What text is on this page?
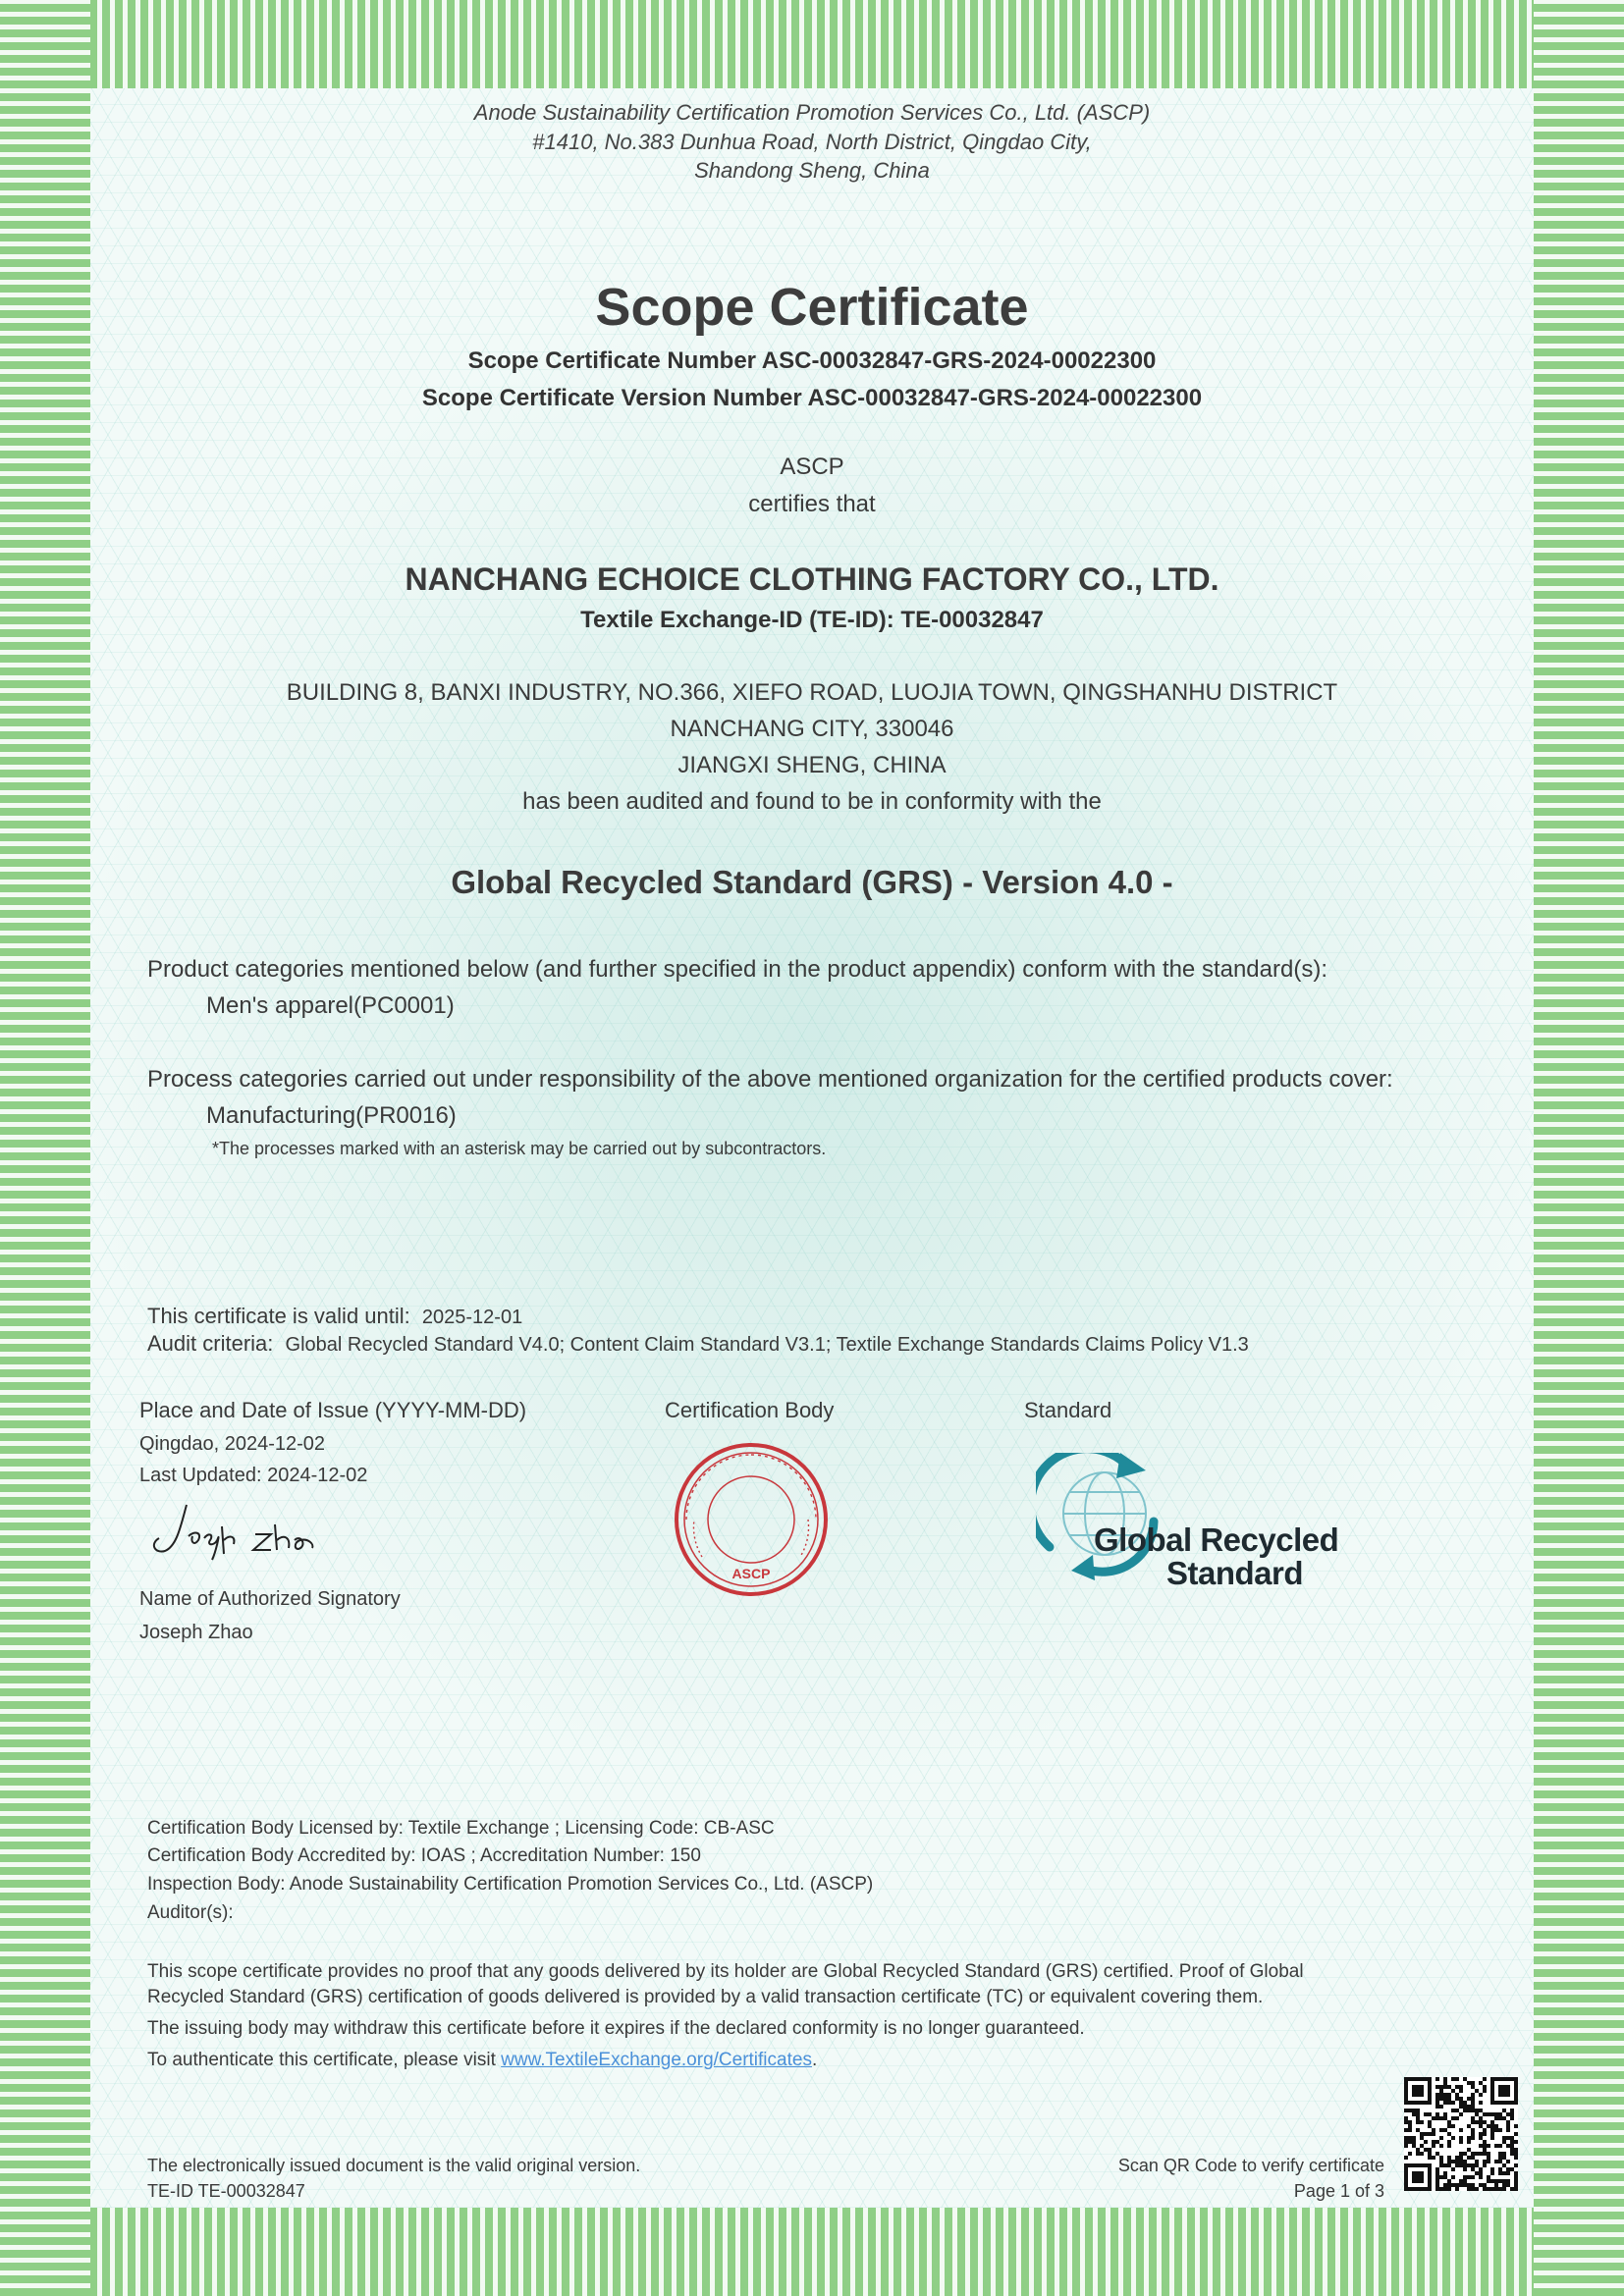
Anode Sustainability Certification Promotion Services Co., Ltd. (ASCP)
#1410, No.383 Dunhua Road, North District, Qingdao City,
Shandong Sheng, China
Scope Certificate
Scope Certificate Number ASC-00032847-GRS-2024-00022300
Scope Certificate Version Number ASC-00032847-GRS-2024-00022300
ASCP
certifies that
NANCHANG ECHOICE CLOTHING FACTORY CO., LTD.
Textile Exchange-ID (TE-ID): TE-00032847
BUILDING 8, BANXI INDUSTRY, NO.366, XIEFO ROAD, LUOJIA TOWN, QINGSHANHU DISTRICT
NANCHANG CITY, 330046
JIANGXI SHENG, CHINA
has been audited and found to be in conformity with the
Global Recycled Standard (GRS) - Version 4.0 -
Product categories mentioned below (and further specified in the product appendix) conform with the standard(s):
Men's apparel(PC0001)
Process categories carried out under responsibility of the above mentioned organization for the certified products cover:
Manufacturing(PR0016)
*The processes marked with an asterisk may be carried out by subcontractors.
This certificate is valid until: 2025-12-01
Audit criteria: Global Recycled Standard V4.0; Content Claim Standard V3.1; Textile Exchange Standards Claims Policy V1.3
Place and Date of Issue (YYYY-MM-DD)
Qingdao, 2024-12-02
Last Updated: 2024-12-02
Name of Authorized Signatory
Joseph Zhao
Certification Body
ASCP
Standard
Global Recycled
Standard
Certification Body Licensed by: Textile Exchange ; Licensing Code: CB-ASC
Certification Body Accredited by: IOAS ; Accreditation Number: 150
Inspection Body: Anode Sustainability Certification Promotion Services Co., Ltd. (ASCP)
Auditor(s):
This scope certificate provides no proof that any goods delivered by its holder are Global Recycled Standard (GRS) certified. Proof of Global
Recycled Standard (GRS) certification of goods delivered is provided by a valid transaction certificate (TC) or equivalent covering them.
The issuing body may withdraw this certificate before it expires if the declared conformity is no longer guaranteed.
To authenticate this certificate, please visit www.TextileExchange.org/Certificates.
The electronically issued document is the valid original version.
TE-ID TE-00032847
Scan QR Code to verify certificate
Page 1 of 3
